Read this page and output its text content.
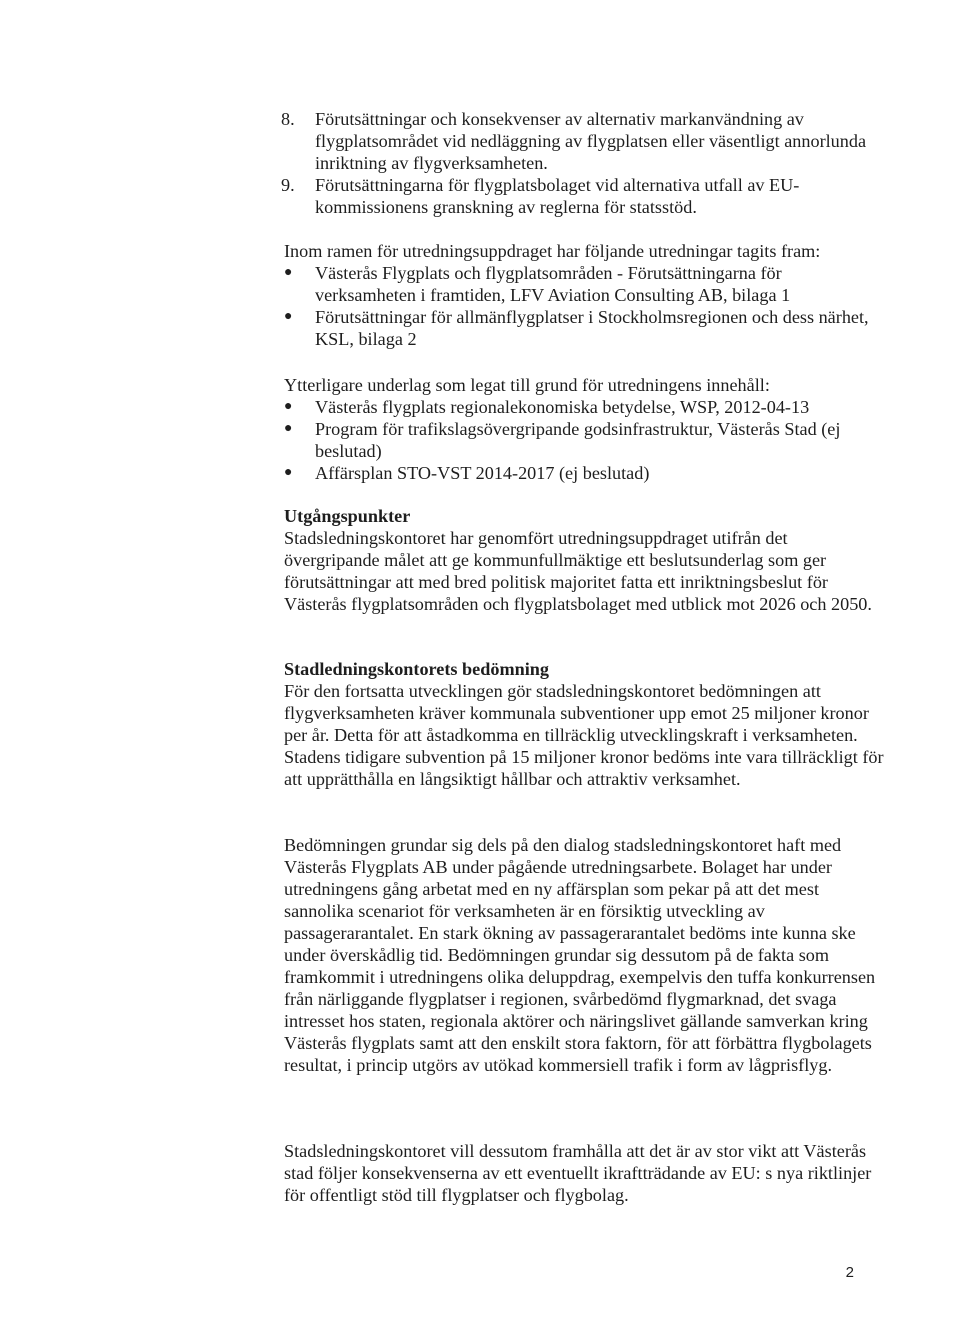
8. Förutsättningar och konsekvenser av alternativ markanvändning av flygplatsområdet vid nedläggning av flygplatsen eller väsentligt annorlunda inriktning av flygverksamheten.
9. Förutsättningarna för flygplatsbolaget vid alternativa utfall av EU-kommissionens granskning av reglerna för statsstöd.

Inom ramen för utredningsuppdraget har följande utredningar tagits fram:

● Västerås Flygplats och flygplatsområden - Förutsättningarna för verksamheten i framtiden, LFV Aviation Consulting AB, bilaga 1
● Förutsättningar för allmänflygplatser i Stockholmsregionen och dess närhet, KSL, bilaga 2

Ytterligare underlag som legat till grund för utredningens innehåll:

● Västerås flygplats regionalekonomiska betydelse, WSP, 2012-04-13
● Program för trafikslagsövergripande godsinfrastruktur, Västerås Stad (ej beslutad)
● Affärsplan STO-VST 2014-2017 (ej beslutad)

Utgångspunkter

Stadsledningskontoret har genomfört utredningsuppdraget utifrån det övergripande målet att ge kommunfullmäktige ett beslutsunderlag som ger förutsättningar att med bred politisk majoritet fatta ett inriktningsbeslut för Västerås flygplatsområden och flygplatsbolaget med utblick mot 2026 och 2050.

Stadledningskontorets bedömning

För den fortsatta utvecklingen gör stadsledningskontoret bedömningen att flygverksamheten kräver kommunala subventioner upp emot 25 miljoner kronor per år. Detta för att åstadkomma en tillräcklig utvecklingskraft i verksamheten. Stadens tidigare subvention på 15 miljoner kronor bedöms inte vara tillräckligt för att upprätthålla en långsiktigt hållbar och attraktiv verksamhet.

Bedömningen grundar sig dels på den dialog stadsledningskontoret haft med Västerås Flygplats AB under pågående utredningsarbete. Bolaget har under utredningens gång arbetat med en ny affärsplan som pekar på att det mest sannolika scenariot för verksamheten är en försiktig utveckling av passagerarantalet. En stark ökning av passagerarantalet bedöms inte kunna ske under överskådlig tid. Bedömningen grundar sig dessutom på de fakta som framkommit i utredningens olika deluppdrag, exempelvis den tuffa konkurrensen från närliggande flygplatser i regionen, svårbedömd flygmarknad, det svaga intresset hos staten, regionala aktörer och näringslivet gällande samverkan kring Västerås flygplats samt att den enskilt stora faktorn, för att förbättra flygbolagets resultat, i princip utgörs av utökad kommersiell trafik i form av lågprisflyg.

Stadsledningskontoret vill dessutom framhålla att det är av stor vikt att Västerås stad följer konsekvenserna av ett eventuellt ikraftträdande av EU: s nya riktlinjer för offentligt stöd till flygplatser och flygbolag.

2
